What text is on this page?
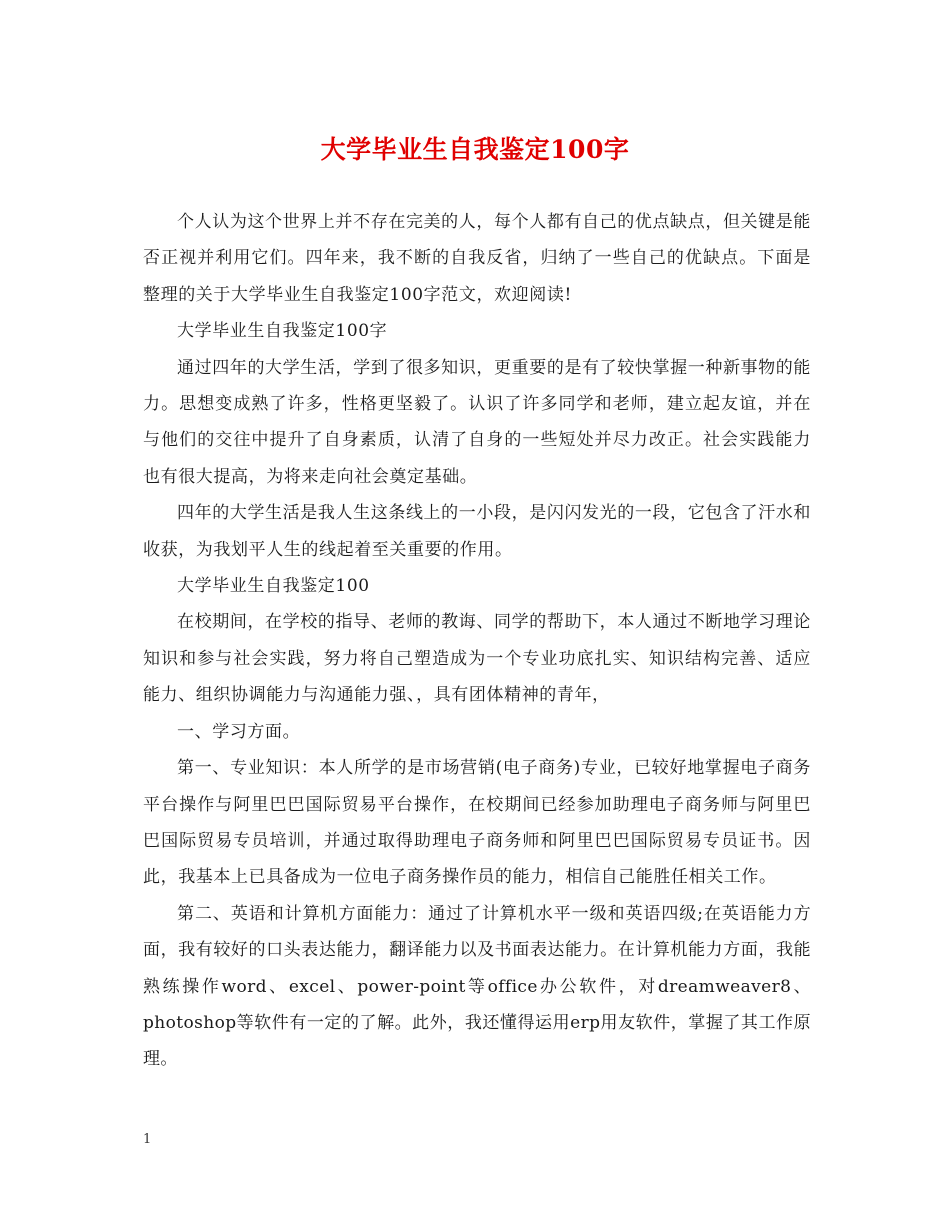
大学毕业生自我鉴定100字

个人认为这个世界上并不存在完美的人，每个人都有自己的优点缺点，但关键是能否正视并利用它们。四年来，我不断的自我反省，归纳了一些自己的优缺点。下面是整理的关于大学毕业生自我鉴定100字范文，欢迎阅读!

大学毕业生自我鉴定100字

通过四年的大学生活，学到了很多知识，更重要的是有了较快掌握一种新事物的能力。思想变成熟了许多，性格更坚毅了。认识了许多同学和老师，建立起友谊，并在与他们的交往中提升了自身素质，认清了自身的一些短处并尽力改正。社会实践能力也有很大提高，为将来走向社会奠定基础。

四年的大学生活是我人生这条线上的一小段，是闪闪发光的一段，它包含了汗水和收获，为我划平人生的线起着至关重要的作用。

大学毕业生自我鉴定100

在校期间，在学校的指导、老师的教诲、同学的帮助下，本人通过不断地学习理论知识和参与社会实践，努力将自己塑造成为一个专业功底扎实、知识结构完善、适应能力、组织协调能力与沟通能力强、，具有团体精神的青年，

一、学习方面。

第一、专业知识：本人所学的是市场营销(电子商务)专业，已较好地掌握电子商务平台操作与阿里巴巴国际贸易平台操作，在校期间已经参加助理电子商务师与阿里巴巴国际贸易专员培训，并通过取得助理电子商务师和阿里巴巴国际贸易专员证书。因此，我基本上已具备成为一位电子商务操作员的能力，相信自己能胜任相关工作。

第二、英语和计算机方面能力：通过了计算机水平一级和英语四级;在英语能力方面，我有较好的口头表达能力，翻译能力以及书面表达能力。在计算机能力方面，我能熟练操作word、excel、power-point等office办公软件，对dreamweaver8、photoshop等软件有一定的了解。此外，我还懂得运用erp用友软件，掌握了其工作原理。

1
